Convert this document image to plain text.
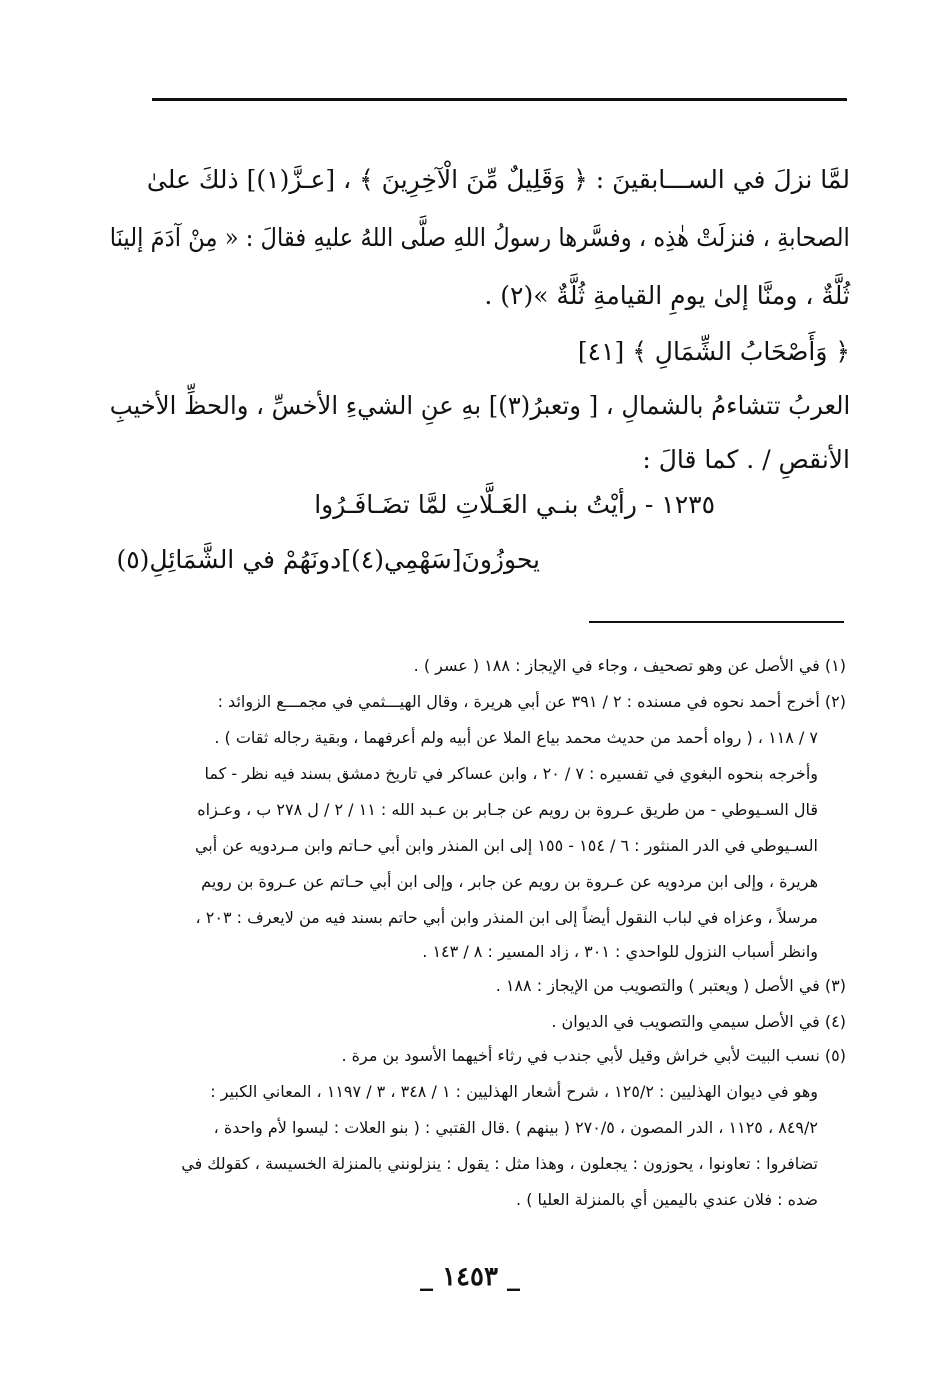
لمَّا نزلَ في الســـابقينَ : ﴿ وَقَلِيلٌ مِّنَ الْآخِرِينَ ﴾ ، [عـزَّ(١)] ذلكَ علىٰ
الصحابةِ ، فنزلَتْ هٰذِه ، وفسَّرها رسولُ اللهِ صلَّى اللهُ عليهِ فقالَ : « مِنْ آدَمَ إلينَا
ثُلَّةٌ ، ومنَّا إلىٰ يومِ القيامةِ ثُلَّةٌ »(٢) .
﴿ وَأَصْحَابُ الشِّمَالِ ﴾ [٤١]
العربُ تتشاءمُ بالشمالِ ، [ وتعبرُ(٣)] بهِ عنِ الشيءِ الأخسِّ ، والحظِّ الأخيبِ
الأنقصِ / . كما قالَ :
١٢٣٥ - رأيْتُ بنـي العَـلَّاتِ لمَّا تضَـافَـرُوا
يحوزُونَ[سَهْمِي(٤)]دونَهُمْ في الشَّمَائِلِ(٥)
(١) في الأصل عن وهو تصحيف ، وجاء في الإيجاز : ١٨٨ ( عسر ) .
(٢) أخرج أحمد نحوه في مسنده : ٢ / ٣٩١ عن أبي هريرة ، وقال الهيـــثمي في مجمـــع الزوائد :
٧ / ١١٨ ، ( رواه أحمد من حديث محمد بياع الملا عن أبيه ولم أعرفهما ، وبقية رجاله ثقات ) .
وأخرجه بنحوه البغوي في تفسيره : ٧ / ٢٠ ، وابن عساكر في تاريخ دمشق بسند فيه نظر - كما
قال السـيوطي - من طريق عـروة بن رويم عن جـابر بن عـبد الله : ١١ / ٢ / ل ٢٧٨ ب ، وعـزاه
السـيوطي في الدر المنثور : ٦ / ١٥٤ - ١٥٥ إلى ابن المنذر وابن أبي حـاتم وابن مـردويه عن أبي
هريرة ، وإلى ابن مردويه عن عـروة بن رويم عن جابر ، وإلى ابن أبي حـاتم عن عـروة بن رويم
مرسلاً ، وعزاه في لباب النقول أيضاً إلى ابن المنذر وابن أبي حاتم بسند فيه من لايعرف : ٢٠٣ ،
وانظر أسباب النزول للواحدي : ٣٠١ ، زاد المسير : ٨ / ١٤٣ .
(٣) في الأصل ( ويعتبر ) والتصويب من الإيجاز : ١٨٨ .
(٤) في الأصل سيمي والتصويب في الديوان .
(٥) نسب البيت لأبي خراش وقيل لأبي جندب في رثاء أخيهما الأسود بن مرة .
وهو في ديوان الهذليين : ١٢٥/٢ ، شرح أشعار الهذليين : ١ / ٣٤٨ ، ٣ / ١١٩٧ ، المعاني الكبير :
٨٤٩/٢ ، ١١٢٥ ، الدر المصون ، ٢٧٠/٥ ( بينهم ) .قال القتبي : ( بنو العلات : ليسوا لأم واحدة ،
تضافروا : تعاونوا ، يحوزون : يجعلون ، وهذا مثل : يقول : ينزلونني بالمنزلة الخسيسة ، كقولك في
ضده : فلان عندي باليمين أي بالمنزلة العليا ) .
_ ١٤٥٣ _
